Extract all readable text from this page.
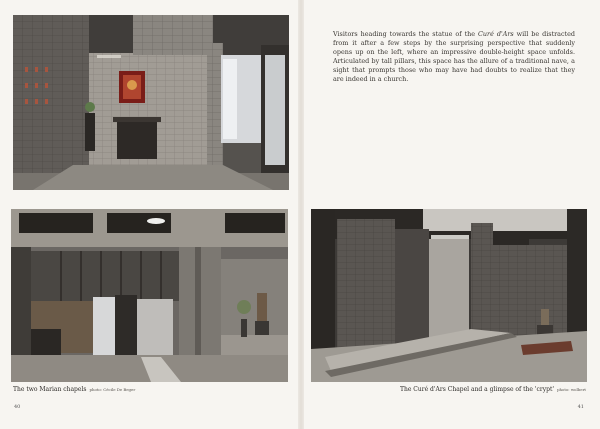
Visitors heading towards the statue of the Curé d'Ars will be distracted from it after a few steps by the surprising perspective that suddenly opens up on the left, where an impressive double-height space unfolds. Articulated by tall pillars, this space has the allure of a traditional nave, a sight that prompts those who may have had doubts to realize that they are indeed in a church.
The two Marian chapels photo: Cécile De Beger	The Curé d'Ars Chapel and a glimpse of the 'crypt' photo: wolbert
40	41
